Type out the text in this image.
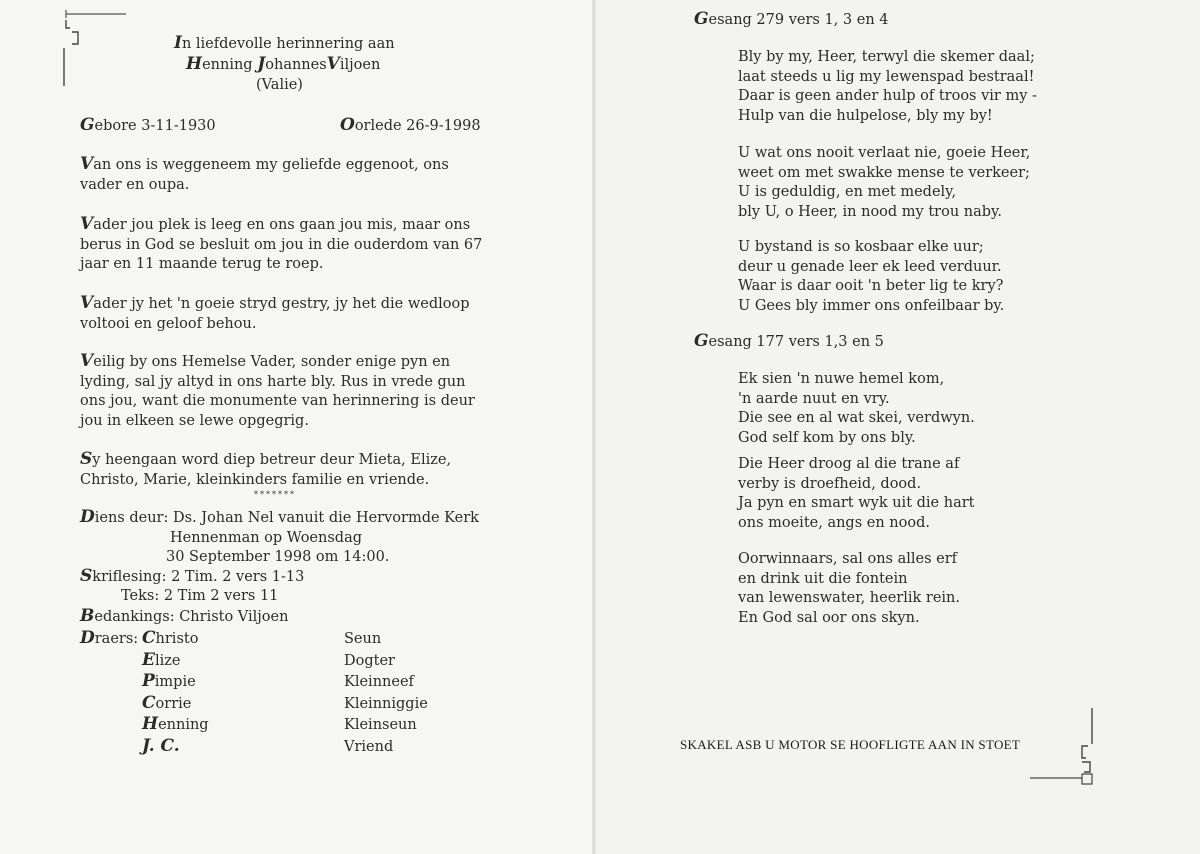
In liefdevolle herinnering aan
Henning JohannesViljoen
(Valie)
Gebore 3-11-1930	Oorlede 26-9-1998
Van ons is weggeneem my geliefde eggenoot, ons
vader en oupa.
Vader jou plek is leeg en ons gaan jou mis, maar ons
berus in God se besluit om jou in die ouderdom van 67
jaar en 11 maande terug te roep.
Vader jy het 'n goeie stryd gestry, jy het die wedloop
voltooi en geloof behou.
Veilig by ons Hemelse Vader, sonder enige pyn en
lyding, sal jy altyd in ons harte bly. Rus in vrede gun
ons jou, want die monumente van herinnering is deur
jou in elkeen se lewe opgegrig.
Sy heengaan word diep betreur deur Mieta, Elize,
Christo, Marie, kleinkinders familie en vriende.
*******
Diens deur: Ds. Johan Nel vanuit die Hervormde Kerk
Hennenman op Woensdag
30 September 1998 om 14:00.
Skriflesing: 2 Tim. 2 vers 1-13
Teks: 2 Tim 2 vers 11
Bedankings: Christo Viljoen
Draers: Christo	Seun
Elize	Dogter
Pimpie	Kleinneef
Corrie	Kleinniggie
Henning	Kleinseun
J. C.	Vriend
Gesang 279 vers 1, 3 en 4
Bly by my, Heer, terwyl die skemer daal;
laat steeds u lig my lewenspad bestraal!
Daar is geen ander hulp of troos vir my -
Hulp van die hulpelose, bly my by!
U wat ons nooit verlaat nie, goeie Heer,
weet om met swakke mense te verkeer;
U is geduldig, en met medely,
bly U, o Heer, in nood my trou naby.
U bystand is so kosbaar elke uur;
deur u genade leer ek leed verduur.
Waar is daar ooit 'n beter lig te kry?
U Gees bly immer ons onfeilbaar by.
Gesang 177 vers 1,3 en 5
Ek sien 'n nuwe hemel kom,
'n aarde nuut en vry.
Die see en al wat skei, verdwyn.
God self kom by ons bly.
Die Heer droog al die trane af
verby is droefheid, dood.
Ja pyn en smart wyk uit die hart
ons moeite, angs en nood.
Oorwinnaars, sal ons alles erf
en drink uit die fontein
van lewenswater, heerlik rein.
En God sal oor ons skyn.
SKAKEL ASB U MOTOR SE HOOFLIGTE AAN IN STOET
